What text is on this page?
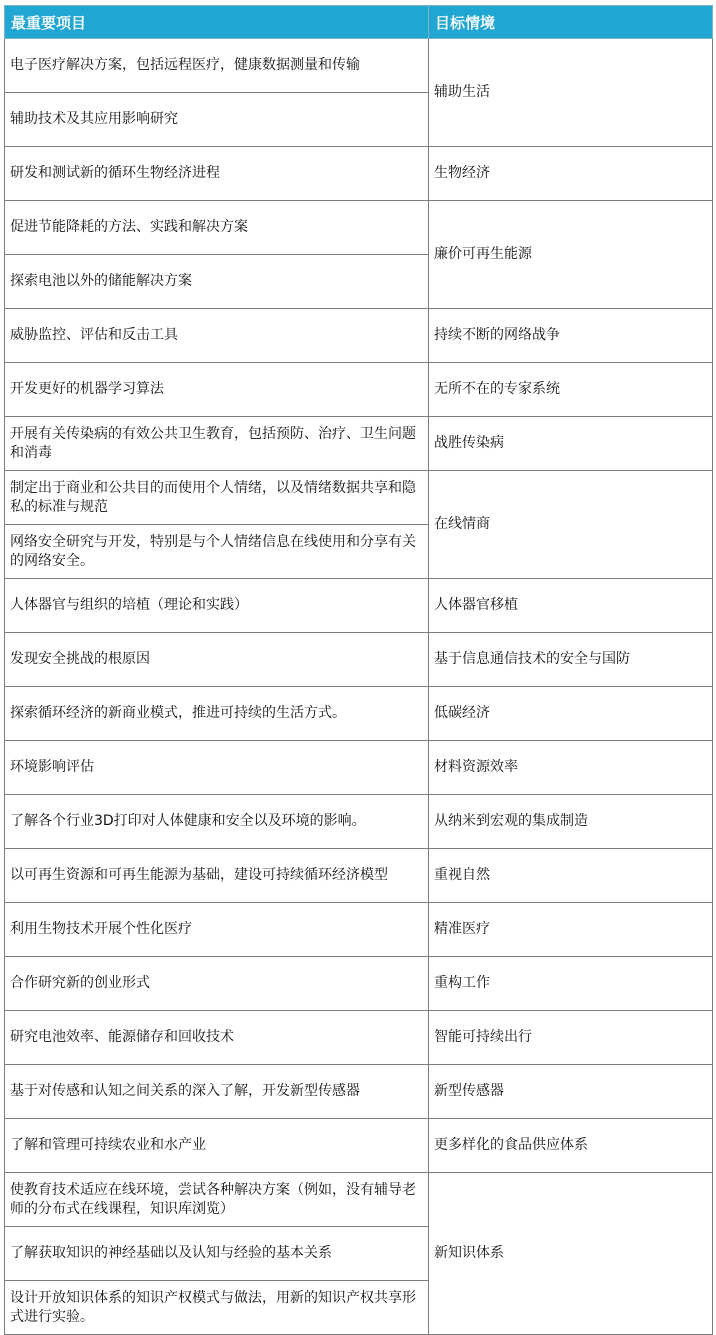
最重要项目	目标情境
电子医疗解决方案，包括远程医疗，健康数据测量和传输	辅助生活
辅助技术及其应用影响研究	
研发和测试新的循环生物经济进程	生物经济
促进节能降耗的方法、实践和解决方案	廉价可再生能源
探索电池以外的储能解决方案	
威胁监控、评估和反击工具	持续不断的网络战争
开发更好的机器学习算法	无所不在的专家系统
开展有关传染病的有效公共卫生教育，包括预防、治疗、卫生问题和消毒	战胜传染病
制定出于商业和公共目的而使用个人情绪，以及情绪数据共享和隐私的标准与规范	在线情商
网络安全研究与开发，特别是与个人情绪信息在线使用和分享有关的网络安全。	
人体器官与组织的培植（理论和实践）	人体器官移植
发现安全挑战的根原因	基于信息通信技术的安全与国防
探索循环经济的新商业模式，推进可持续的生活方式。	低碳经济
环境影响评估	材料资源效率
了解各个行业3D打印对人体健康和安全以及环境的影响。	从纳米到宏观的集成制造
以可再生资源和可再生能源为基础，建设可持续循环经济模型	重视自然
利用生物技术开展个性化医疗	精准医疗
合作研究新的创业形式	重构工作
研究电池效率、能源储存和回收技术	智能可持续出行
基于对传感和认知之间关系的深入了解，开发新型传感器	新型传感器
了解和管理可持续农业和水产业	更多样化的食品供应体系
使教育技术适应在线环境，尝试各种解决方案（例如，没有辅导老师的分布式在线课程，知识库浏览）	新知识体系
了解获取知识的神经基础以及认知与经验的基本关系	
设计开放知识体系的知识产权模式与做法，用新的知识产权共享形式进行实验。	
